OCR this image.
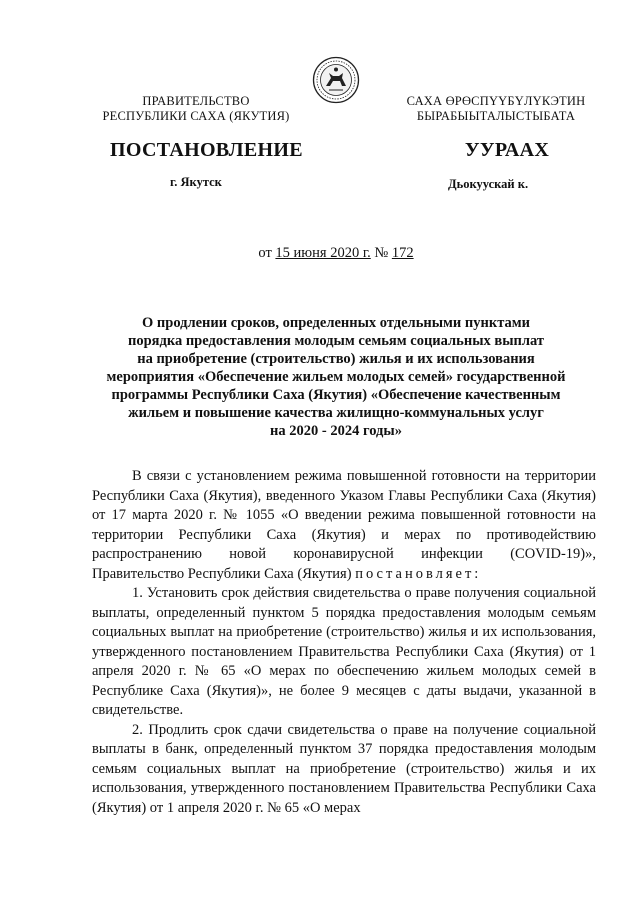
ПРАВИТЕЛЬСТВО
РЕСПУБЛИКИ САХА (ЯКУТИЯ)
САХА ӨРӨСПҮҮБҮЛҮКЭТИН
БЫРАБЫЫТАЛЫСТЫБАТА
ПОСТАНОВЛЕНИЕ	УУРААХ
г. Якутск	Дьокуускай к.
от 15 июня 2020 г. № 172
О продлении сроков, определенных отдельными пунктами
порядка предоставления молодым семьям социальных выплат
на приобретение (строительство) жилья и их использования
мероприятия «Обеспечение жильем молодых семей» государственной
программы Республики Саха (Якутия) «Обеспечение качественным
жильем и повышение качества жилищно-коммунальных услуг
на 2020 - 2024 годы»

В связи с установлением режима повышенной готовности на территории Республики Саха (Якутия), введенного Указом Главы Республики Саха (Якутия) от 17 марта 2020 г. № 1055 «О введении режима повышенной готовности на территории Республики Саха (Якутия) и мерах по противодействию распространению новой коронавирусной инфекции (COVID-19)», Правительство Республики Саха (Якутия) постановляет:

1. Установить срок действия свидетельства о праве получения социальной выплаты, определенный пунктом 5 порядка предоставления молодым семьям социальных выплат на приобретение (строительство) жилья и их использования, утвержденного постановлением Правительства Республики Саха (Якутия) от 1 апреля 2020 г. № 65 «О мерах по обеспечению жильем молодых семей в Республике Саха (Якутия)», не более 9 месяцев с даты выдачи, указанной в свидетельстве.

2. Продлить срок сдачи свидетельства о праве на получение социальной выплаты в банк, определенный пунктом 37 порядка предоставления молодым семьям социальных выплат на приобретение (строительство) жилья и их использования, утвержденного постановлением Правительства Республики Саха (Якутия) от 1 апреля 2020 г. № 65 «О мерах
